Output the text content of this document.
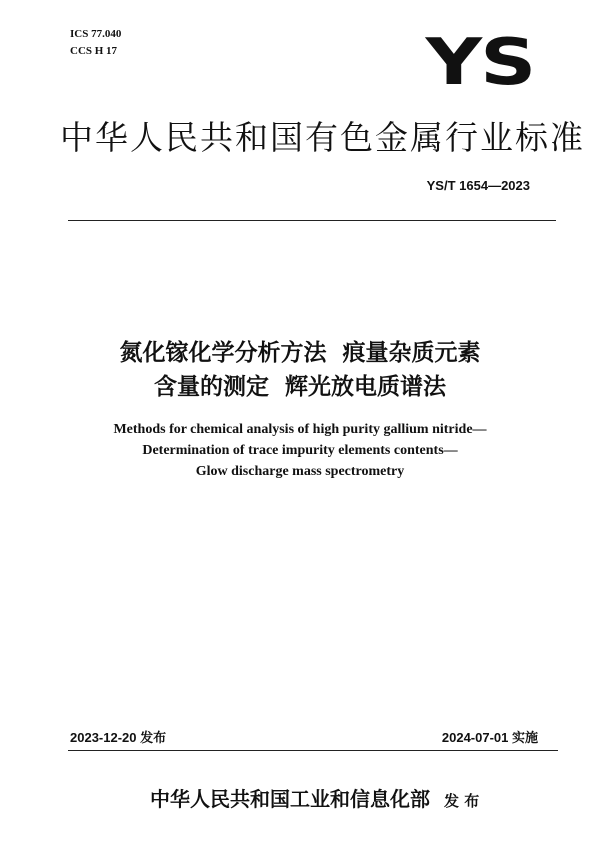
ICS 77.040
CCS H 17	YS
中华人民共和国有色金属行业标准
YS/T 1654—2023
氮化镓化学分析方法  痕量杂质元素
含量的测定  辉光放电质谱法
Methods for chemical analysis of high purity gallium nitride—
Determination of trace impurity elements contents—
Glow discharge mass spectrometry
2023-12-20 发布	2024-07-01 实施
中华人民共和国工业和信息化部 发 布
